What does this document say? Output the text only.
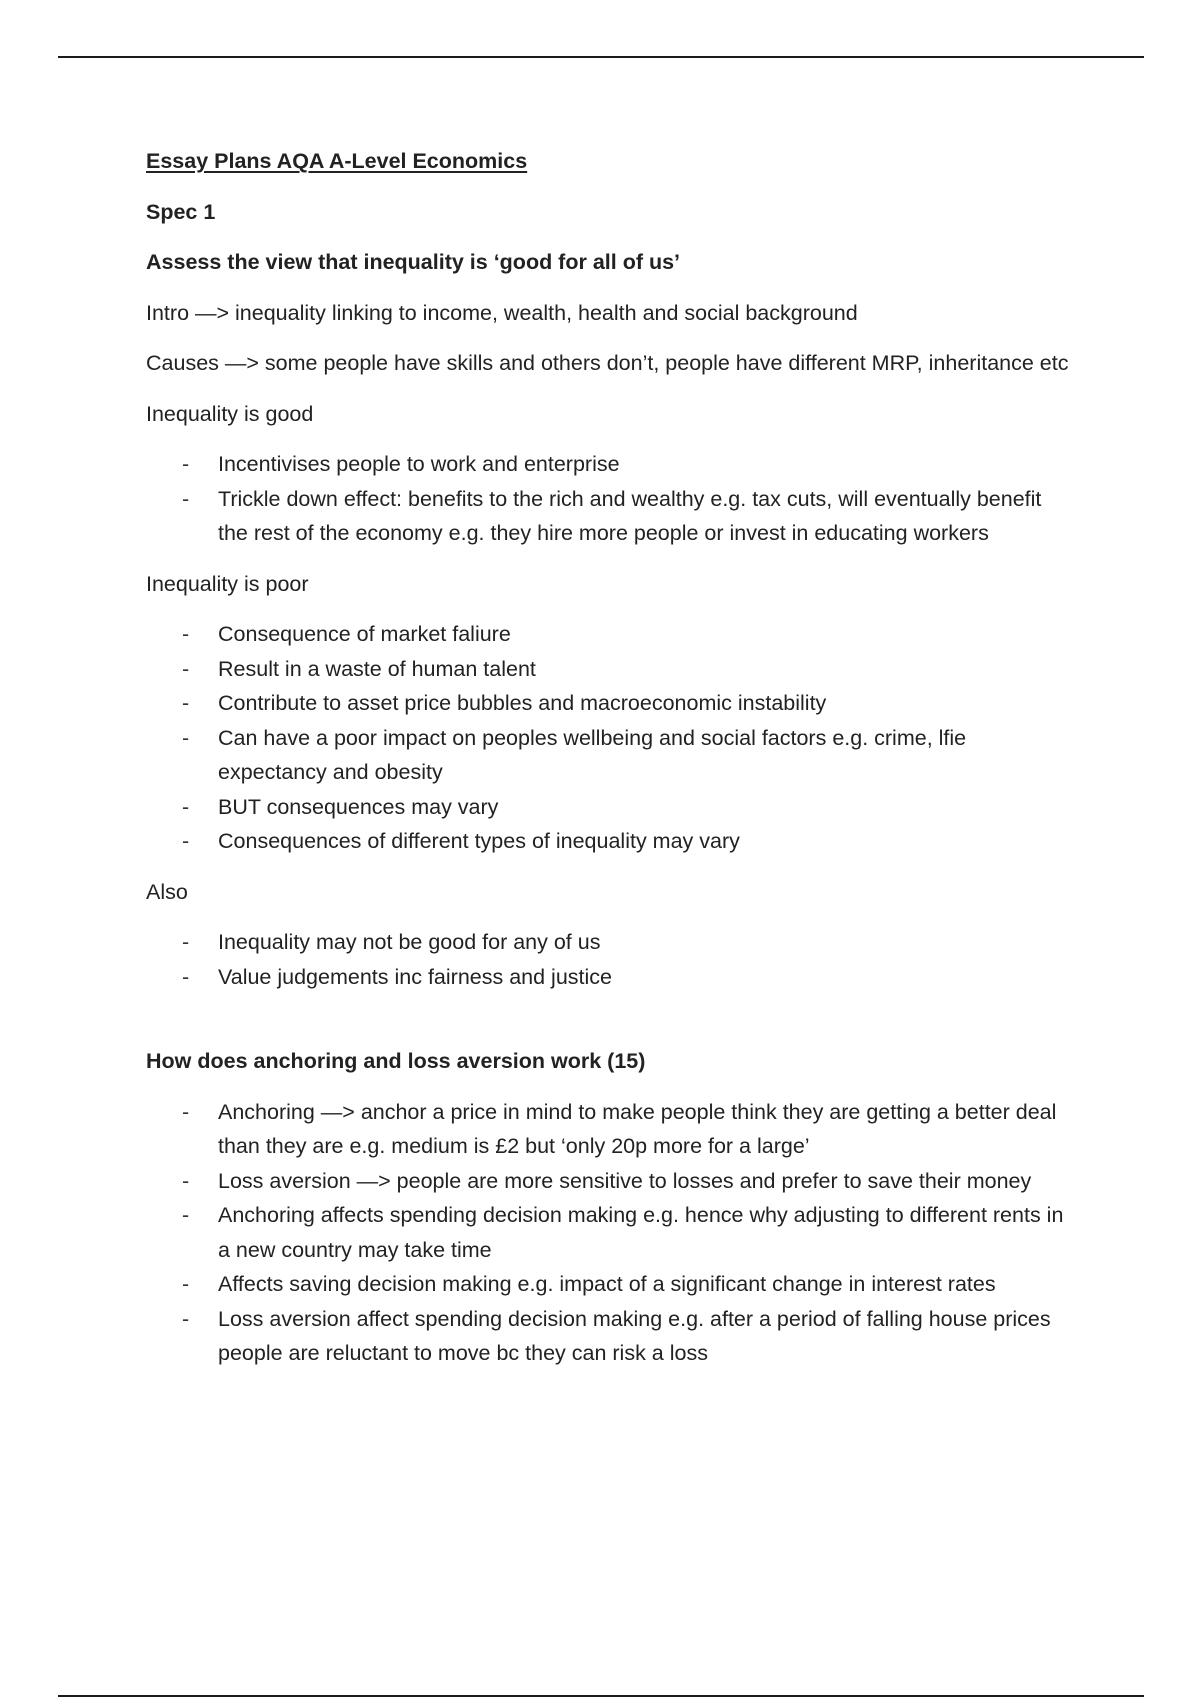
Essay Plans AQA A-Level Economics

Spec 1

Assess the view that inequality is ‘good for all of us’

Intro —> inequality linking to income, wealth, health and social background

Causes —> some people have skills and others don’t, people have different MRP, inheritance etc

Inequality is good

- Incentivises people to work and enterprise
- Trickle down effect: benefits to the rich and wealthy e.g. tax cuts, will eventually benefit the rest of the economy e.g. they hire more people or invest in educating workers

Inequality is poor

- Consequence of market faliure
- Result in a waste of human talent
- Contribute to asset price bubbles and macroeconomic instability
- Can have a poor impact on peoples wellbeing and social factors e.g. crime, lfie expectancy and obesity
- BUT consequences may vary
- Consequences of different types of inequality may vary

Also

- Inequality may not be good for any of us
- Value judgements inc fairness and justice

How does anchoring and loss aversion work (15)

- Anchoring —> anchor a price in mind to make people think they are getting a better deal than they are e.g. medium is £2 but ‘only 20p more for a large’
- Loss aversion —> people are more sensitive to losses and prefer to save their money
- Anchoring affects spending decision making e.g. hence why adjusting to different rents in a new country may take time
- Affects saving decision making e.g. impact of a significant change in interest rates
- Loss aversion affect spending decision making e.g. after a period of falling house prices people are reluctant to move bc they can risk a loss
